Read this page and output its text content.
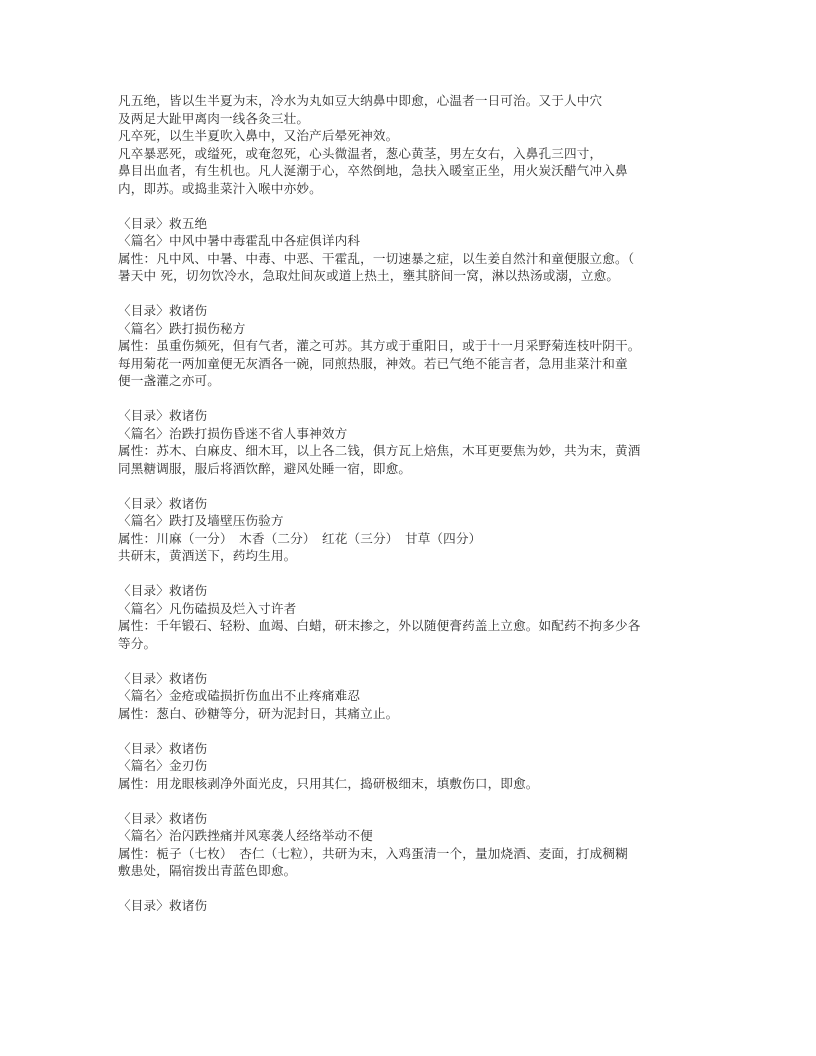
凡五绝，皆以生半夏为末，冷水为丸如豆大纳鼻中即愈，心温者一日可治。又于人中穴
及两足大趾甲离肉一线各灸三壮。
凡卒死，以生半夏吹入鼻中，又治产后晕死神效。
凡卒暴恶死，或缢死，或奄忽死，心头微温者，葱心黄茎，男左女右，入鼻孔三四寸，
鼻目出血者，有生机也。凡人涎潮于心，卒然倒地，急扶入暖室正坐，用火炭沃醋气冲入鼻
内，即苏。或捣韭菜汁入喉中亦妙。
〈目录〉救五绝
〈篇名〉中风中暑中毒霍乱中各症俱详内科
属性：凡中风、中暑、中毒、中恶、干霍乱，一切速暴之症，以生姜自然汁和童便服立愈。（
暑天中 死，切勿饮冷水，急取灶间灰或道上热土，壅其脐间一窝，淋以热汤或溺，立愈。
〈目录〉救诸伤
〈篇名〉跌打损伤秘方
属性：虽重伤频死，但有气者，灌之可苏。其方或于重阳日，或于十一月采野菊连枝叶阴干。
每用菊花一两加童便无灰酒各一碗，同煎热服，神效。若已气绝不能言者，急用韭菜汁和童
便一盏灌之亦可。
〈目录〉救诸伤
〈篇名〉治跌打损伤昏迷不省人事神效方
属性：苏木、白麻皮、细木耳，以上各二钱，俱方瓦上焙焦，木耳更要焦为妙，共为末，黄酒
同黑糖调服，服后将酒饮醉，避风处睡一宿，即愈。
〈目录〉救诸伤
〈篇名〉跌打及墙壁压伤验方
属性：川麻（一分）　木香（二分）　红花（三分）　甘草（四分）
共研末，黄酒送下，药均生用。
〈目录〉救诸伤
〈篇名〉凡伤磕损及烂入寸许者
属性：千年锻石、轻粉、血竭、白蜡，研末掺之，外以随便膏药盖上立愈。如配药不拘多少各
等分。
〈目录〉救诸伤
〈篇名〉金疮或磕损折伤血出不止疼痛难忍
属性：葱白、砂糖等分，研为泥封日，其痛立止。
〈目录〉救诸伤
〈篇名〉金刃伤
属性：用龙眼核剥净外面光皮，只用其仁，捣研极细末，填敷伤口，即愈。
〈目录〉救诸伤
〈篇名〉治闪跌挫痛并风寒袭人经络举动不便
属性：栀子（七枚）　杏仁（七粒），共研为末，入鸡蛋清一个，量加烧酒、麦面，打成稠糊
敷患处，隔宿拨出青蓝色即愈。
〈目录〉救诸伤
